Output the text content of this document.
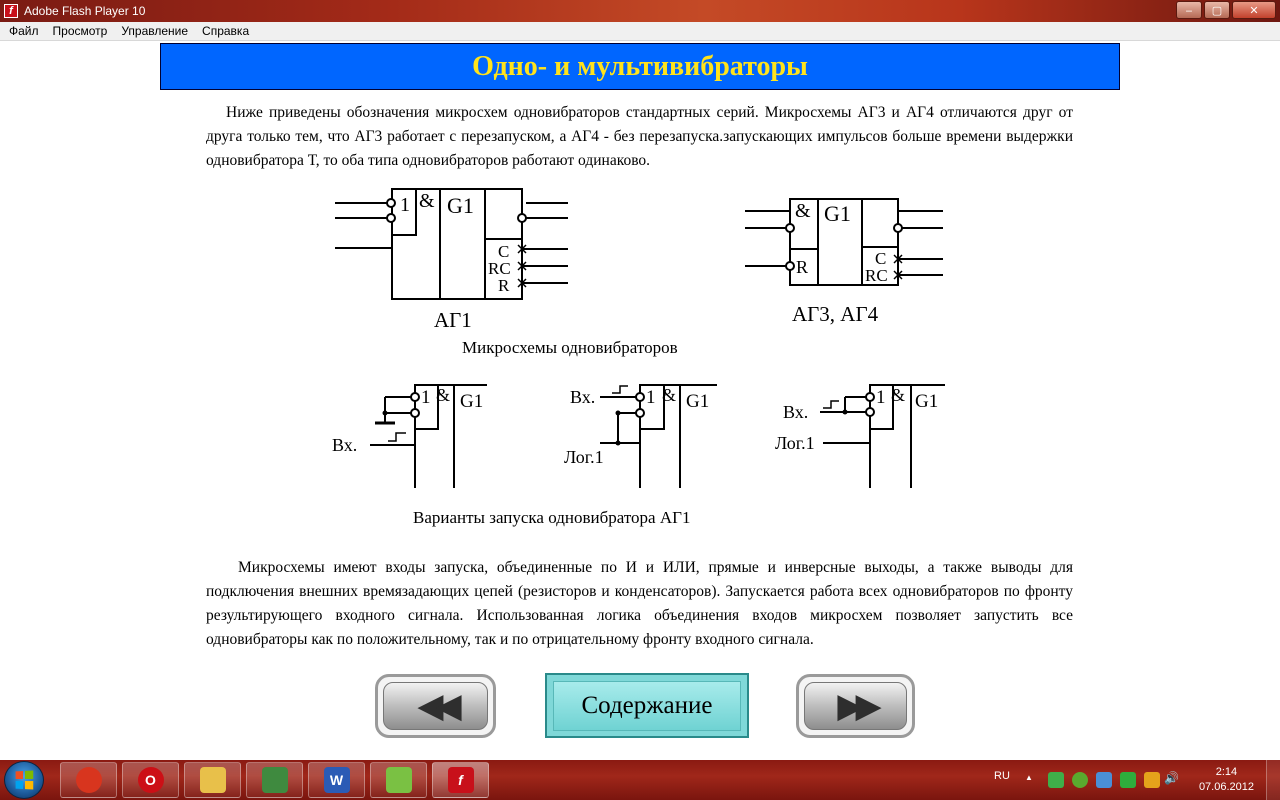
f Adobe Flash Player 10	‒	▢	✕
Файл	Просмотр	Управление	Справка
Одно- и мультивибраторы

Ниже приведены обозначения микросхем одновибраторов стандартных серий. Микросхемы АГ3 и АГ4 отличаются друг от друга только тем, что АГ3 работает с перезапуском, а АГ4 - без перезапуска.запускающих импульсов больше времени выдержки одновибратора Т, то оба типа одновибраторов работают одинаково.

1 & G1
C
RC
R
АГ1
& G1
R	C
RC
АГ3, АГ4
Микросхемы одновибраторов
Вх.
1 & G1	Вх.
Лог.1
1 & G1	Вх.
Лог.1
1 & G1
Варианты запуска одновибратора АГ1

Микросхемы имеют входы запуска, объединенные по И и ИЛИ, прямые и инверсные выходы, а также выводы для подключения внешних времязадающих цепей (резисторов и конденсаторов). Запускается работа всех одновибраторов по фронту результирующего входного сигнала. Использованная логика объединения входов микросхем позволяет запустить все одновибраторы как по положительному, так и по отрицательному фронту входного сигнала.

◀◀	Содержание	▶▶
O	W	f	RU ▲	🔊	2:14
07.06.2012
